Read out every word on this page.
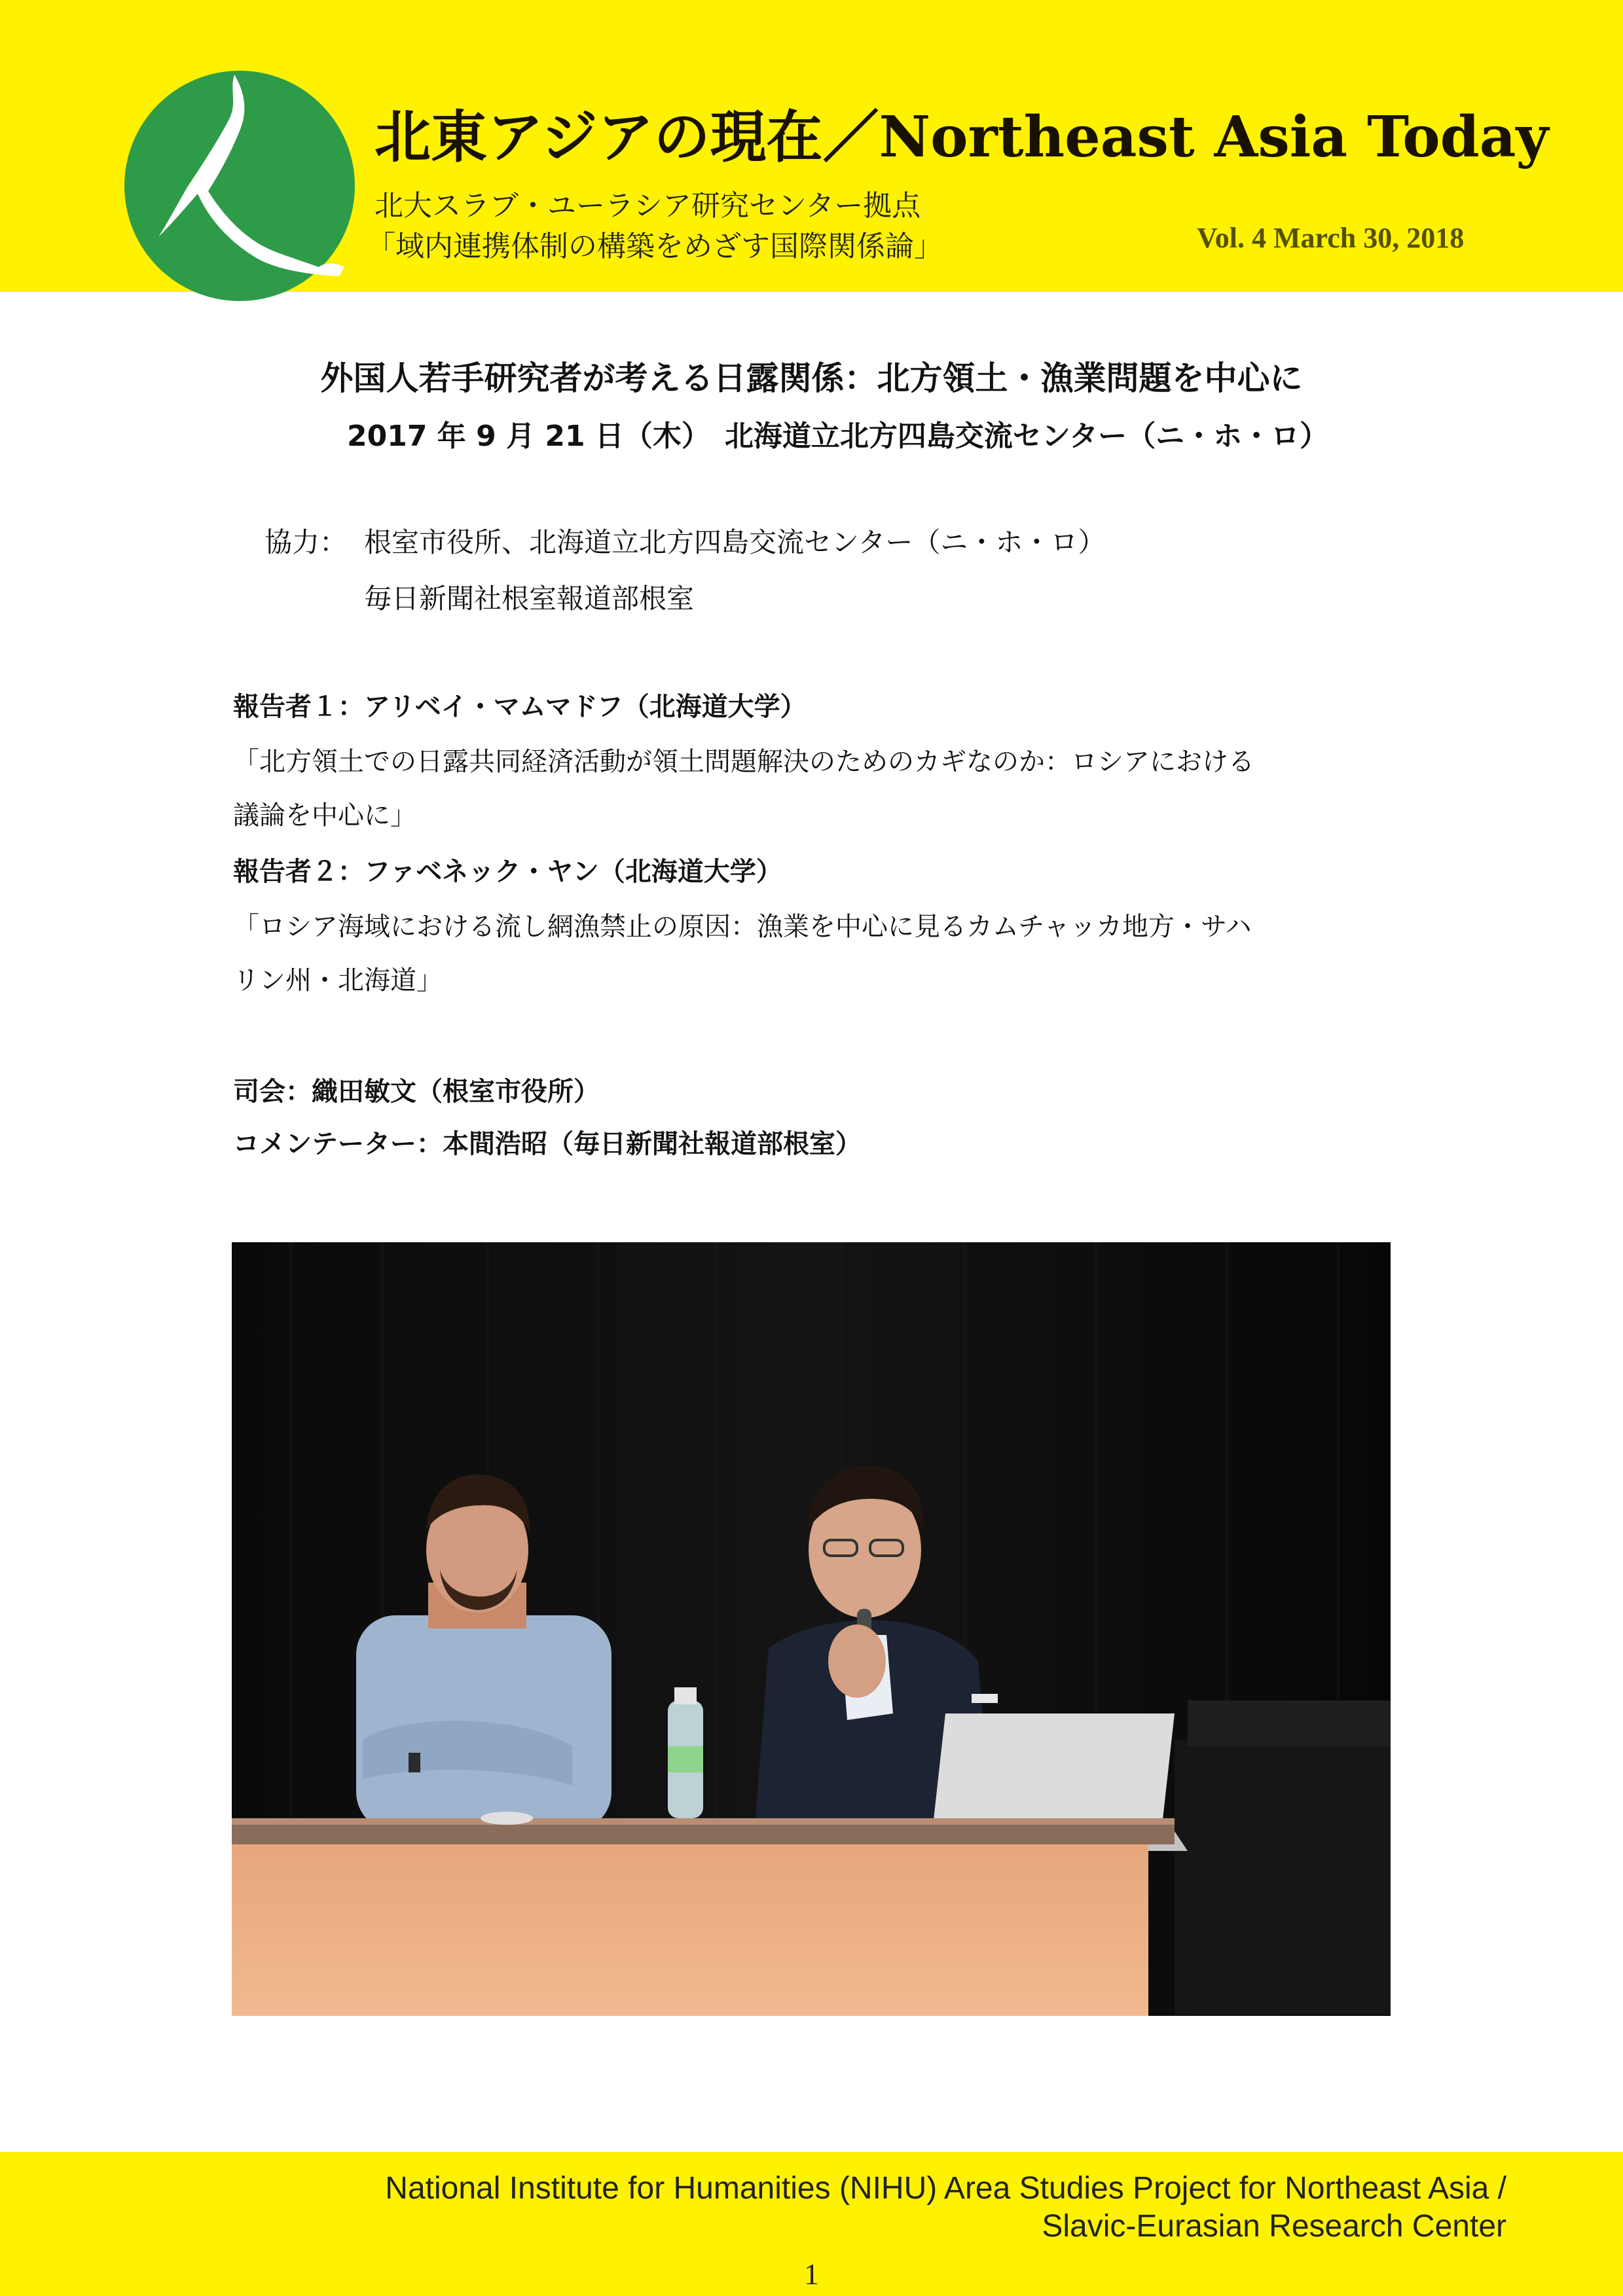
北東アジアの現在／Northeast Asia Today
北大スラブ・ユーラシア研究センター拠点
「域内連携体制の構築をめざす国際関係論」	Vol. 4 March 30, 2018
外国人若手研究者が考える日露関係：北方領土・漁業問題を中心に
2017 年 9 月 21 日（木）　北海道立北方四島交流センター（ニ・ホ・ロ）
協力： 根室市役所、北海道立北方四島交流センター（ニ・ホ・ロ）
毎日新聞社根室報道部根室
報告者１：アリベイ・マムマドフ（北海道大学）
「北方領土での日露共同経済活動が領土問題解決のためのカギなのか：ロシアにおける
議論を中心に」
報告者２：ファベネック・ヤン（北海道大学）
「ロシア海域における流し網漁禁止の原因：漁業を中心に見るカムチャッカ地方・サハ
リン州・北海道」
司会：織田敏文（根室市役所）
コメンテーター：本間浩昭（毎日新聞社報道部根室）
National Institute for Humanities (NIHU) Area Studies Project for Northeast Asia /
Slavic-Eurasian Research Center
1
